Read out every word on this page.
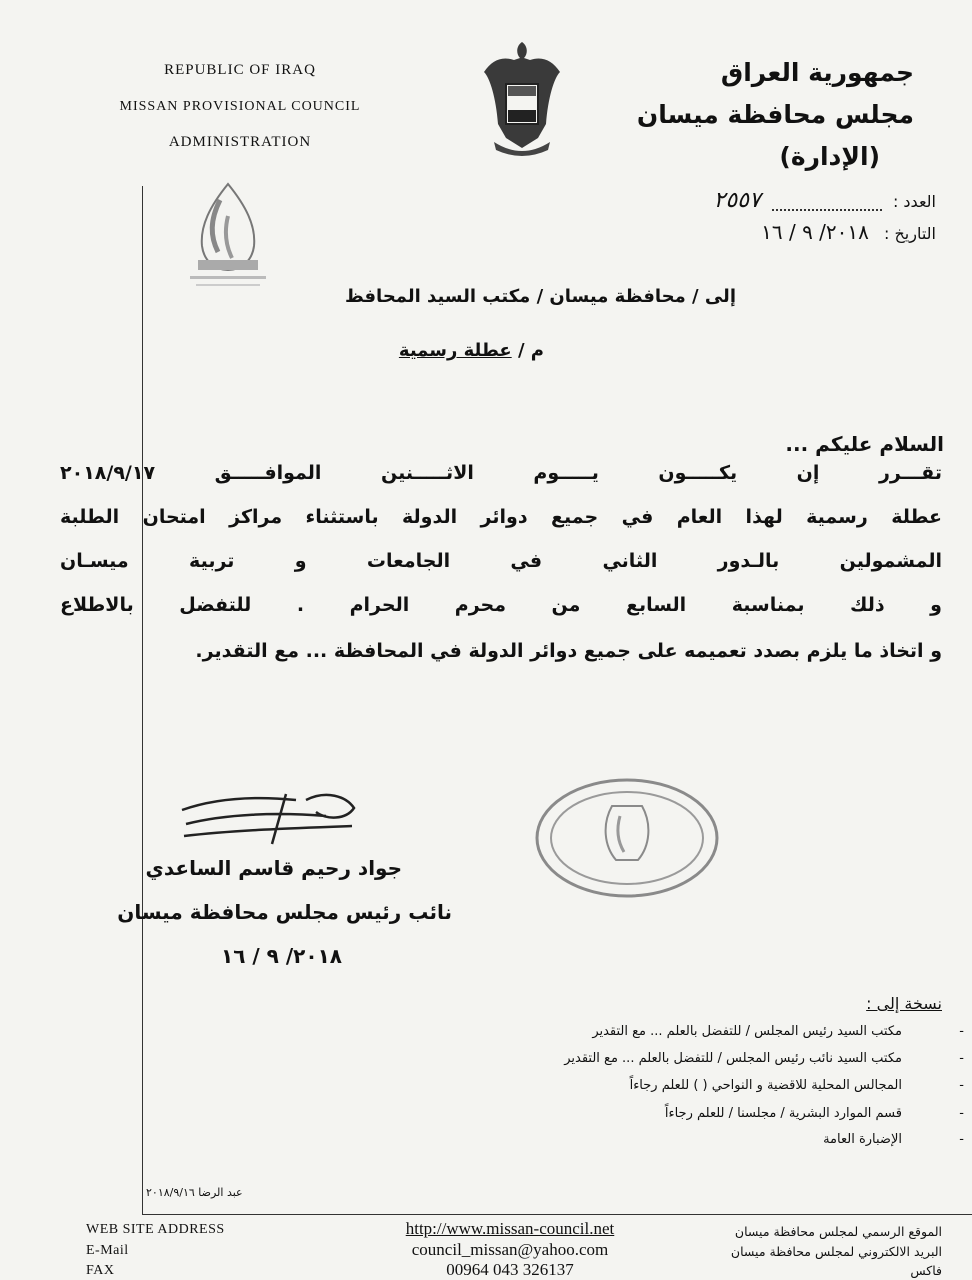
REPUBLIC OF IRAQ
MISSAN PROVISIONAL COUNCIL
ADMINISTRATION
جمهورية العراق
مجلس محافظة ميسان
(الإدارة)
العدد :  ٢٥٥٧
التاريخ : ٢٠١٨/ ٩ / ١٦
إلى / محافظة ميسان / مكتب السيد المحافظ
م / عطلة رسمية
السلام عليكم ...
تقـــرر إن يكـــــون يـــــوم الاثـــــنين الموافـــــق ٢٠١٨/٩/١٧
عطلة رسمية لهذا العام في جميع دوائر الدولة باستثناء مراكز امتحان الطلبة
المشمولين بالـدور الثاني في الجامعات و تربية ميسـان
و ذلك بمناسبة السابع من محرم الحرام . للتفضل بالاطلاع
و اتخاذ ما يلزم بصدد تعميمه على جميع دوائر الدولة في المحافظة ... مع التقدير.
جواد رحيم قاسم الساعدي
نائب رئيس مجلس محافظة ميسان
٢٠١٨/ ٩ / ١٦
نسخة إلى :
مكتب السيد رئيس المجلس / للتفضل بالعلم ... مع التقدير -
مكتب السيد نائب رئيس المجلس / للتفضل بالعلم ... مع التقدير -
المجالس المحلية للاقضية و النواحي ( ) للعلم رجاءاً -
قسم الموارد البشرية / مجلسنا / للعلم رجاءاً -
الإضبارة العامة -
عبد الرضا ٢٠١٨/٩/١٦
WEB SITE ADDRESS
E-Mail
FAX
http://www.missan-council.net
council_missan@yahoo.com
00964 043 326137
الموقع الرسمي لمجلس محافظة ميسان
البريد الالكتروني لمجلس محافظة ميسان
فاكس
